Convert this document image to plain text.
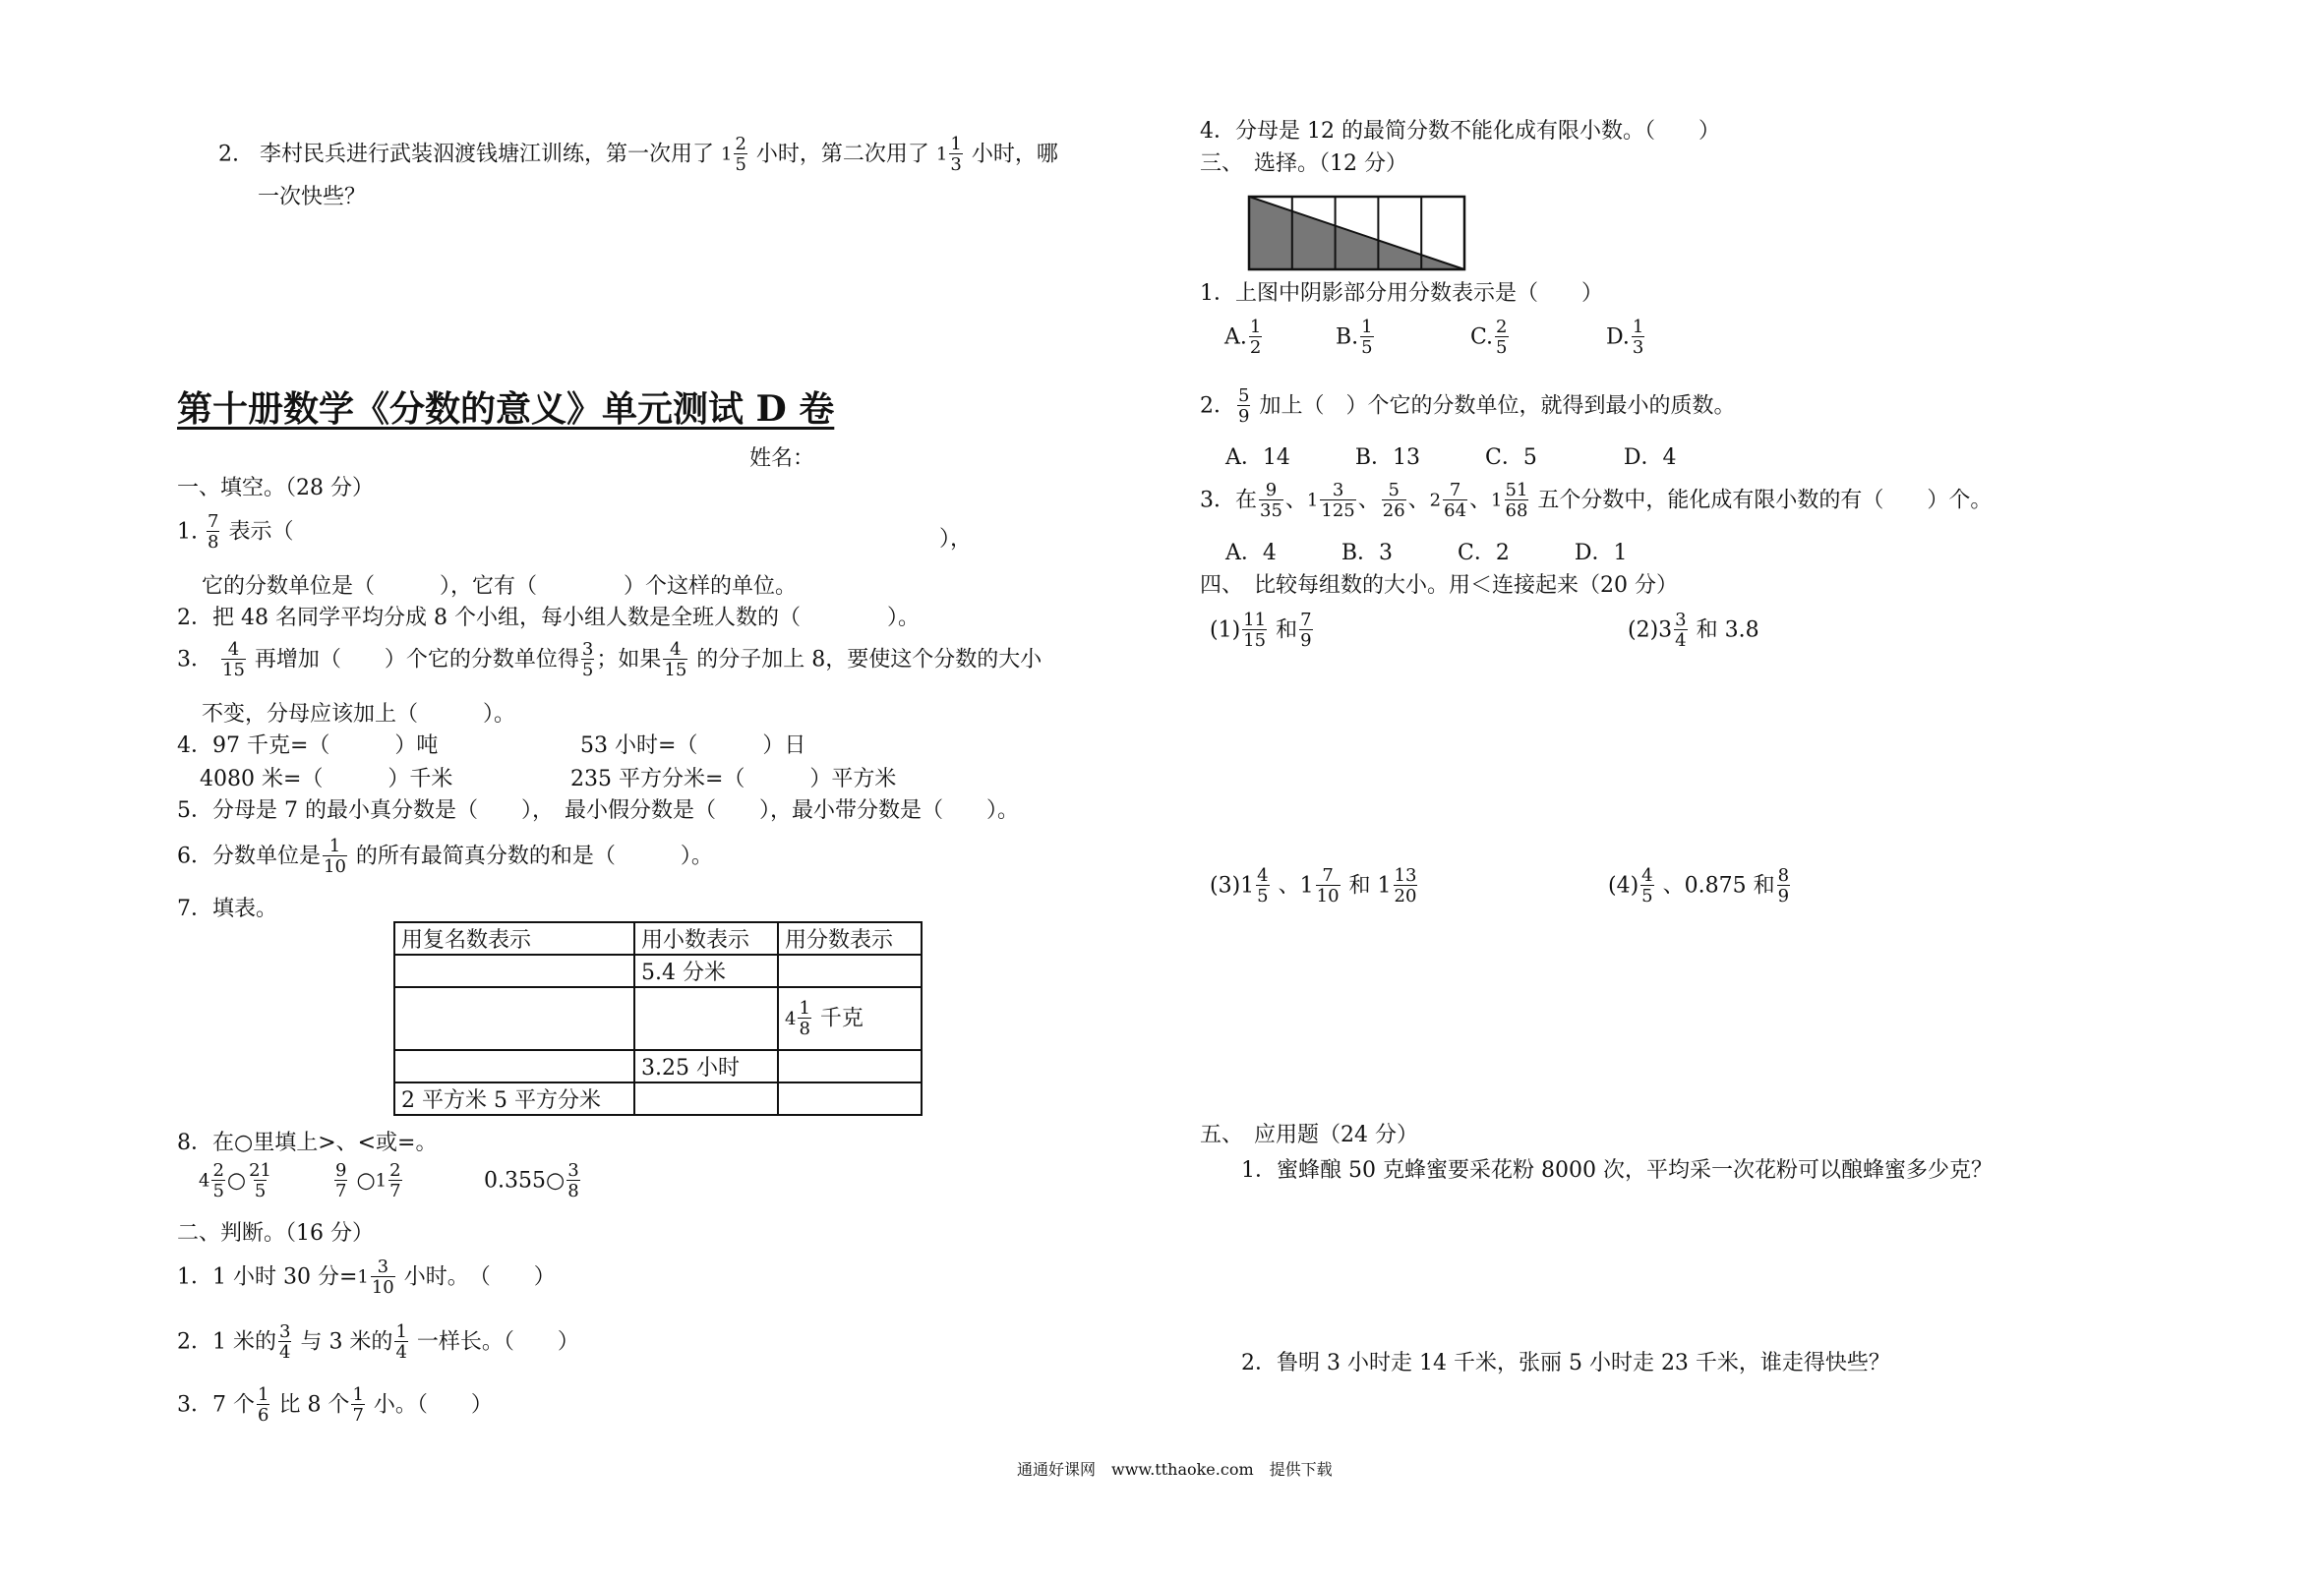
2. 李村民兵进行武装泅渡钱塘江训练，第一次用了 $1 \frac{2}{5}$ 小时，第二次用了 $1 \frac{1}{3}$ 小时，哪
一次快些？
第十册数学《分数的意义》单元测试 D 卷
姓名：
一、填空。（28 分）
1. $\frac{7}{8}$ 表示（	），
它的分数单位是（　　　），它有（　　　　）个这样的单位。
2．把 48 名同学平均分成 8 个小组，每小组人数是全班人数的（　　　　）。
3． $\frac{4}{15}$ 再增加（　　）个它的分数单位得 $\frac{3}{5}$ ；如果 $\frac{4}{15}$ 的分子加上 8，要使这个分数的大小
不变，分母应该加上（　　　）。
4．97 千克=（　　　）吨	53 小时=（　　　）日
4080 米=（　　　）千米	235 平方分米=（　　　）平方米
5．分母是 7 的最小真分数是（　　），　最小假分数是（　　），最小带分数是（　　）。
6．分数单位是 $\frac{1}{10}$ 的所有最简真分数的和是（　　　）。
7．填表。
用复名数表示	用小数表示	用分数表示
	5.4 分米	
		$4 \frac{1}{8}$ 千克
	3.25 小时	
2 平方米 5 平方分米		
8．在○里填上>、<或=。
$4 \frac{2}{5}$ ○ $\frac{21}{5}$	$\frac{9}{7}$ ○1 $\frac{2}{7}$	0.355○ $\frac{3}{8}$
二、判断。（16 分）
1．1 小时 30 分$=1 \frac{3}{10}$ 小时。　（　　）
2．1 米的 $\frac{3}{4}$ 与 3 米的 $\frac{1}{4}$ 一样长。（　　）
3．7 个 $\frac{1}{6}$ 比 8 个 $\frac{1}{7}$ 小。（　　）
4．分母是 12 的最简分数不能化成有限小数。（　　）
三、　选择。（12 分）
1．上图中阴影部分用分数表示是（　　）
A. $\frac{1}{2}$	B. $\frac{1}{5}$	C. $\frac{2}{5}$	D. $\frac{1}{3}$
2． $\frac{5}{9}$ 加上（　）个它的分数单位，就得到最小的质数。
A．14　　　B．13　　　C．5　　　　D．4
3．在 $\frac{9}{35}$ 、$1 \frac{3}{125}$ 、 $\frac{5}{26}$ 、$2 \frac{7}{64}$ 、$1 \frac{51}{68}$ 五个分数中，能化成有限小数的有（　　）个。
A．4　　　B．3　　　C．2　　　D．1
四、　比较每组数的大小。用＜连接起来（20 分）
$(1) \frac{11}{15}$ 和 $\frac{7}{9}$	$(2)3 \frac{3}{4}$ 和 3.8
$(3)1 \frac{4}{5}$ 、$1 \frac{7}{10}$ 和 $1 \frac{13}{20}$	$(4) \frac{4}{5}$ 、0.875 和 $\frac{8}{9}$
五、　应用题（24 分）
1．蜜蜂酿 50 克蜂蜜要采花粉 8000 次，平均采一次花粉可以酿蜂蜜多少克？
2．鲁明 3 小时走 14 千米，张丽 5 小时走 23 千米，谁走得快些？
通通好课网　www.tthaoke.com　提供下载
